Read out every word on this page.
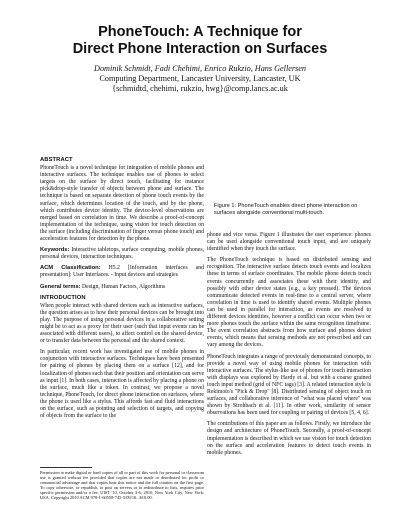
PhoneTouch: A Technique for
Direct Phone Interaction on Surfaces
Dominik Schmidt, Fadi Chehimi, Enrico Rukzio, Hans Gellersen
Computing Department, Lancaster University, Lancaster, UK
{schmidtd, chehimi, rukzio, hwg}@comp.lancs.ac.uk
ABSTRACT

PhoneTouch is a novel technique for integration of mobile phones and interactive surfaces. The technique enables use of phones to select targets on the surface by direct touch, facilitating for instance pick&drop-style transfer of objects between phone and surface. The technique is based on separate detection of phone touch events by the surface, which determines location of the touch, and by the phone, which contributes device identity. The device-level observations are merged based on correlation in time. We describe a proof-of-concept implementation of the technique, using vision for touch detection on the surface (including discrimination of finger versus phone touch) and acceleration features for detection by the phone.

Keywords: Interactive tabletops, surface computing, mobile phones, personal devices, interaction techniques.

ACM Classification: H5.2 [Information interfaces and presentation]: User Interfaces. - Input devices and strategies

General terms: Design, Human Factors, Algorithms

INTRODUCTION

When people interact with shared devices such as interactive surfaces, the question arises as to how their personal devices can be brought into play. The purpose of using personal devices in a collaborative setting might be to act as a proxy for their user (such that input events can be associated with different users), to affect control on the shared device, or to transfer data between the personal and the shared context.

In particular, recent work has investigated use of mobile phones in conjunction with interactive surfaces. Techniques have been presented for pairing of phones by placing them on a surface [12], and for localization of phones such that their position and orientation can serve as input [1]. In both cases, interaction is affected by placing a phone on the surface, much like a token. In contrast, we propose a novel technique, PhoneTouch, for direct phone interaction on surfaces, where the phone is used like a stylus. This affords fast and fluid interactions on the surface, such as pointing and selection of targets, and copying of objects from the surface to the

Figure 1: PhoneTouch enables direct phone interaction on surfaces alongside conventional multi-touch.

phone and vice versa. Figure 1 illustrates the user experience: phones can be used alongside conventional touch input, and are uniquely identified when they touch the surface.

The PhoneTouch technique is based on distributed sensing and recognition. The interactive surface detects touch events and localizes these in terms of surface coordinates. The mobile phone detects touch events concurrently and associates these with their identity, and possibly with other device states (e.g., a key pressed). The devices communicate detected events in real-time to a central server, where correlation in time is used to identify shared events. Multiple phones can be used in parallel for interaction, as events are resolved to different devices identities, however a conflict can occur when two or more phones touch the surface within the same recognition timeframe. The event correlation abstracts from how surface and phones detect events, which means that sensing methods are not prescribed and can vary among the devices.

PhoneTouch integrates a range of previously demonstrated concepts, to provide a novel way of using mobile phones for interaction with interactive surfaces. The stylus-like use of phones for touch interaction with displays was explored by Hardy et al. but with a coarse grained touch input method (grid of NFC tags) [3]. A related interaction style is Rekimoto's "Pick & Drop" [8]. Distributed sensing of object touch on surfaces, and collaborative inference of "what was placed where" was shown by Strohbach et al. [11]. In other work, similarity of sensor observations has been used for coupling or pairing of devices [5, 4, 6].

The contributions of this paper are as follows. Firstly, we introduce the design and architecture of PhoneTouch. Secondly, a proof-of-concept implementation is described in which we use vision for touch detection on the surface and acceleration features to detect touch events in mobile phones.

Permission to make digital or hard copies of all or part of this work for personal or classroom use is granted without fee provided that copies are not made or distributed for profit or commercial advantage and that copies bear this notice and the full citation on the first page. To copy otherwise, or republish, to post on servers or to redistribute to lists, requires prior specific permission and/or a fee. UIST '10, October 3-6, 2010, New York City, New York, USA. Copyright 2010 ACM 978-1-60558-745-5/09/10...$10.00.
